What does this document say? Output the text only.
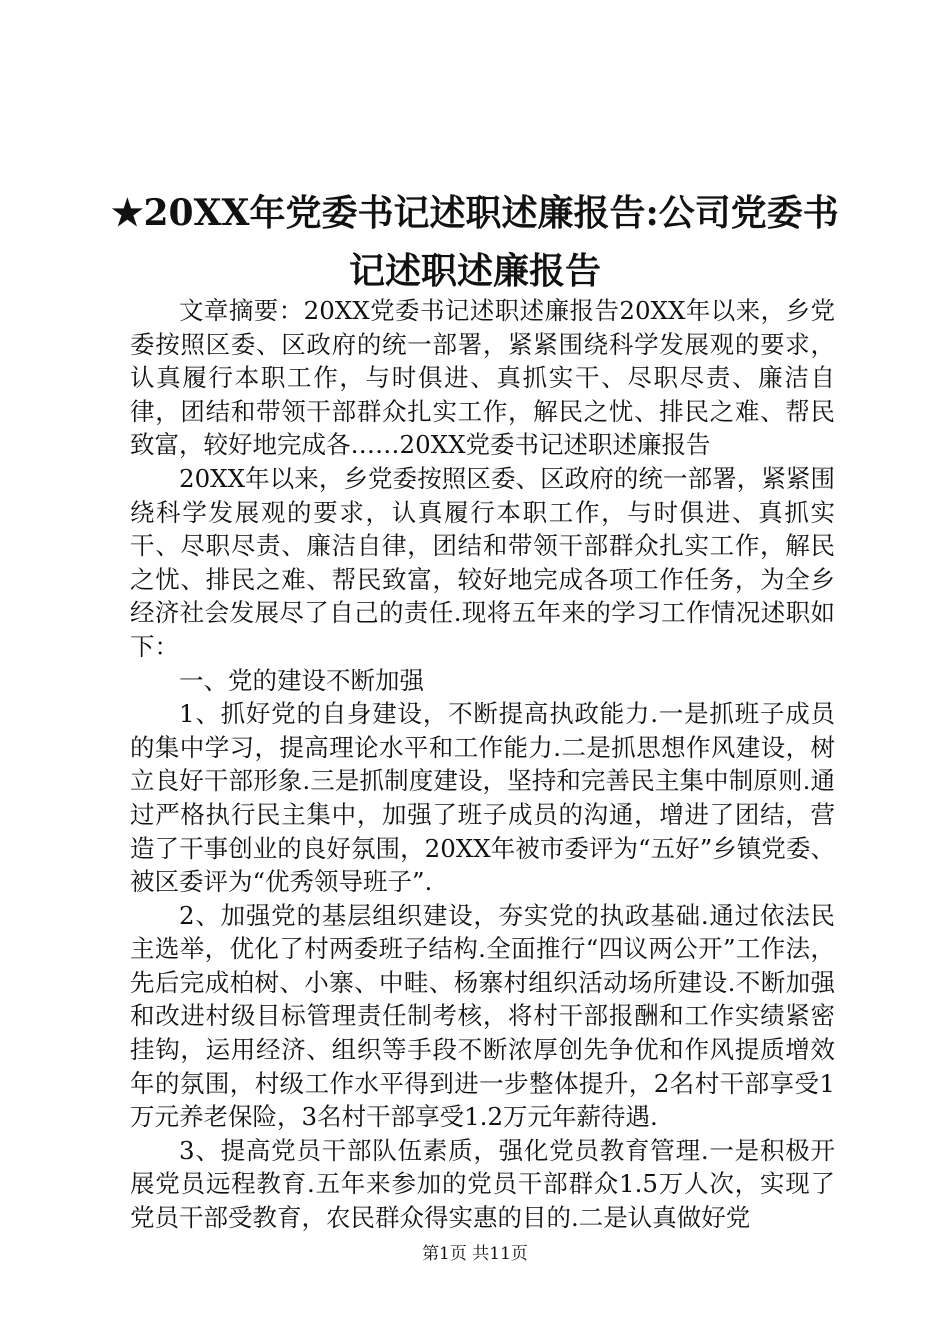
★20XX年党委书记述职述廉报告:公司党委书记述职述廉报告

文章摘要：20XX党委书记述职述廉报告20XX年以来，乡党委按照区委、区政府的统一部署，紧紧围绕科学发展观的要求，认真履行本职工作，与时俱进、真抓实干、尽职尽责、廉洁自律，团结和带领干部群众扎实工作，解民之忧、排民之难、帮民致富，较好地完成各……20XX党委书记述职述廉报告

20XX年以来，乡党委按照区委、区政府的统一部署，紧紧围绕科学发展观的要求，认真履行本职工作，与时俱进、真抓实干、尽职尽责、廉洁自律，团结和带领干部群众扎实工作，解民之忧、排民之难、帮民致富，较好地完成各项工作任务，为全乡经济社会发展尽了自己的责任.现将五年来的学习工作情况述职如下：

一、党的建设不断加强

1、抓好党的自身建设，不断提高执政能力.一是抓班子成员的集中学习，提高理论水平和工作能力.二是抓思想作风建设，树立良好干部形象.三是抓制度建设，坚持和完善民主集中制原则.通过严格执行民主集中，加强了班子成员的沟通，增进了团结，营造了干事创业的良好氛围，20XX年被市委评为“五好”乡镇党委、被区委评为“优秀领导班子”.

2、加强党的基层组织建设，夯实党的执政基础.通过依法民主选举，优化了村两委班子结构.全面推行“四议两公开”工作法，先后完成柏树、小寨、中畦、杨寨村组织活动场所建设.不断加强和改进村级目标管理责任制考核，将村干部报酬和工作实绩紧密挂钩，运用经济、组织等手段不断浓厚创先争优和作风提质增效年的氛围，村级工作水平得到进一步整体提升，2名村干部享受1万元养老保险，3名村干部享受1.2万元年薪待遇.

3、提高党员干部队伍素质，强化党员教育管理.一是积极开展党员远程教育.五年来参加的党员干部群众1.5万人次，实现了党员干部受教育，农民群众得实惠的目的.二是认真做好党

第1页 共11页
